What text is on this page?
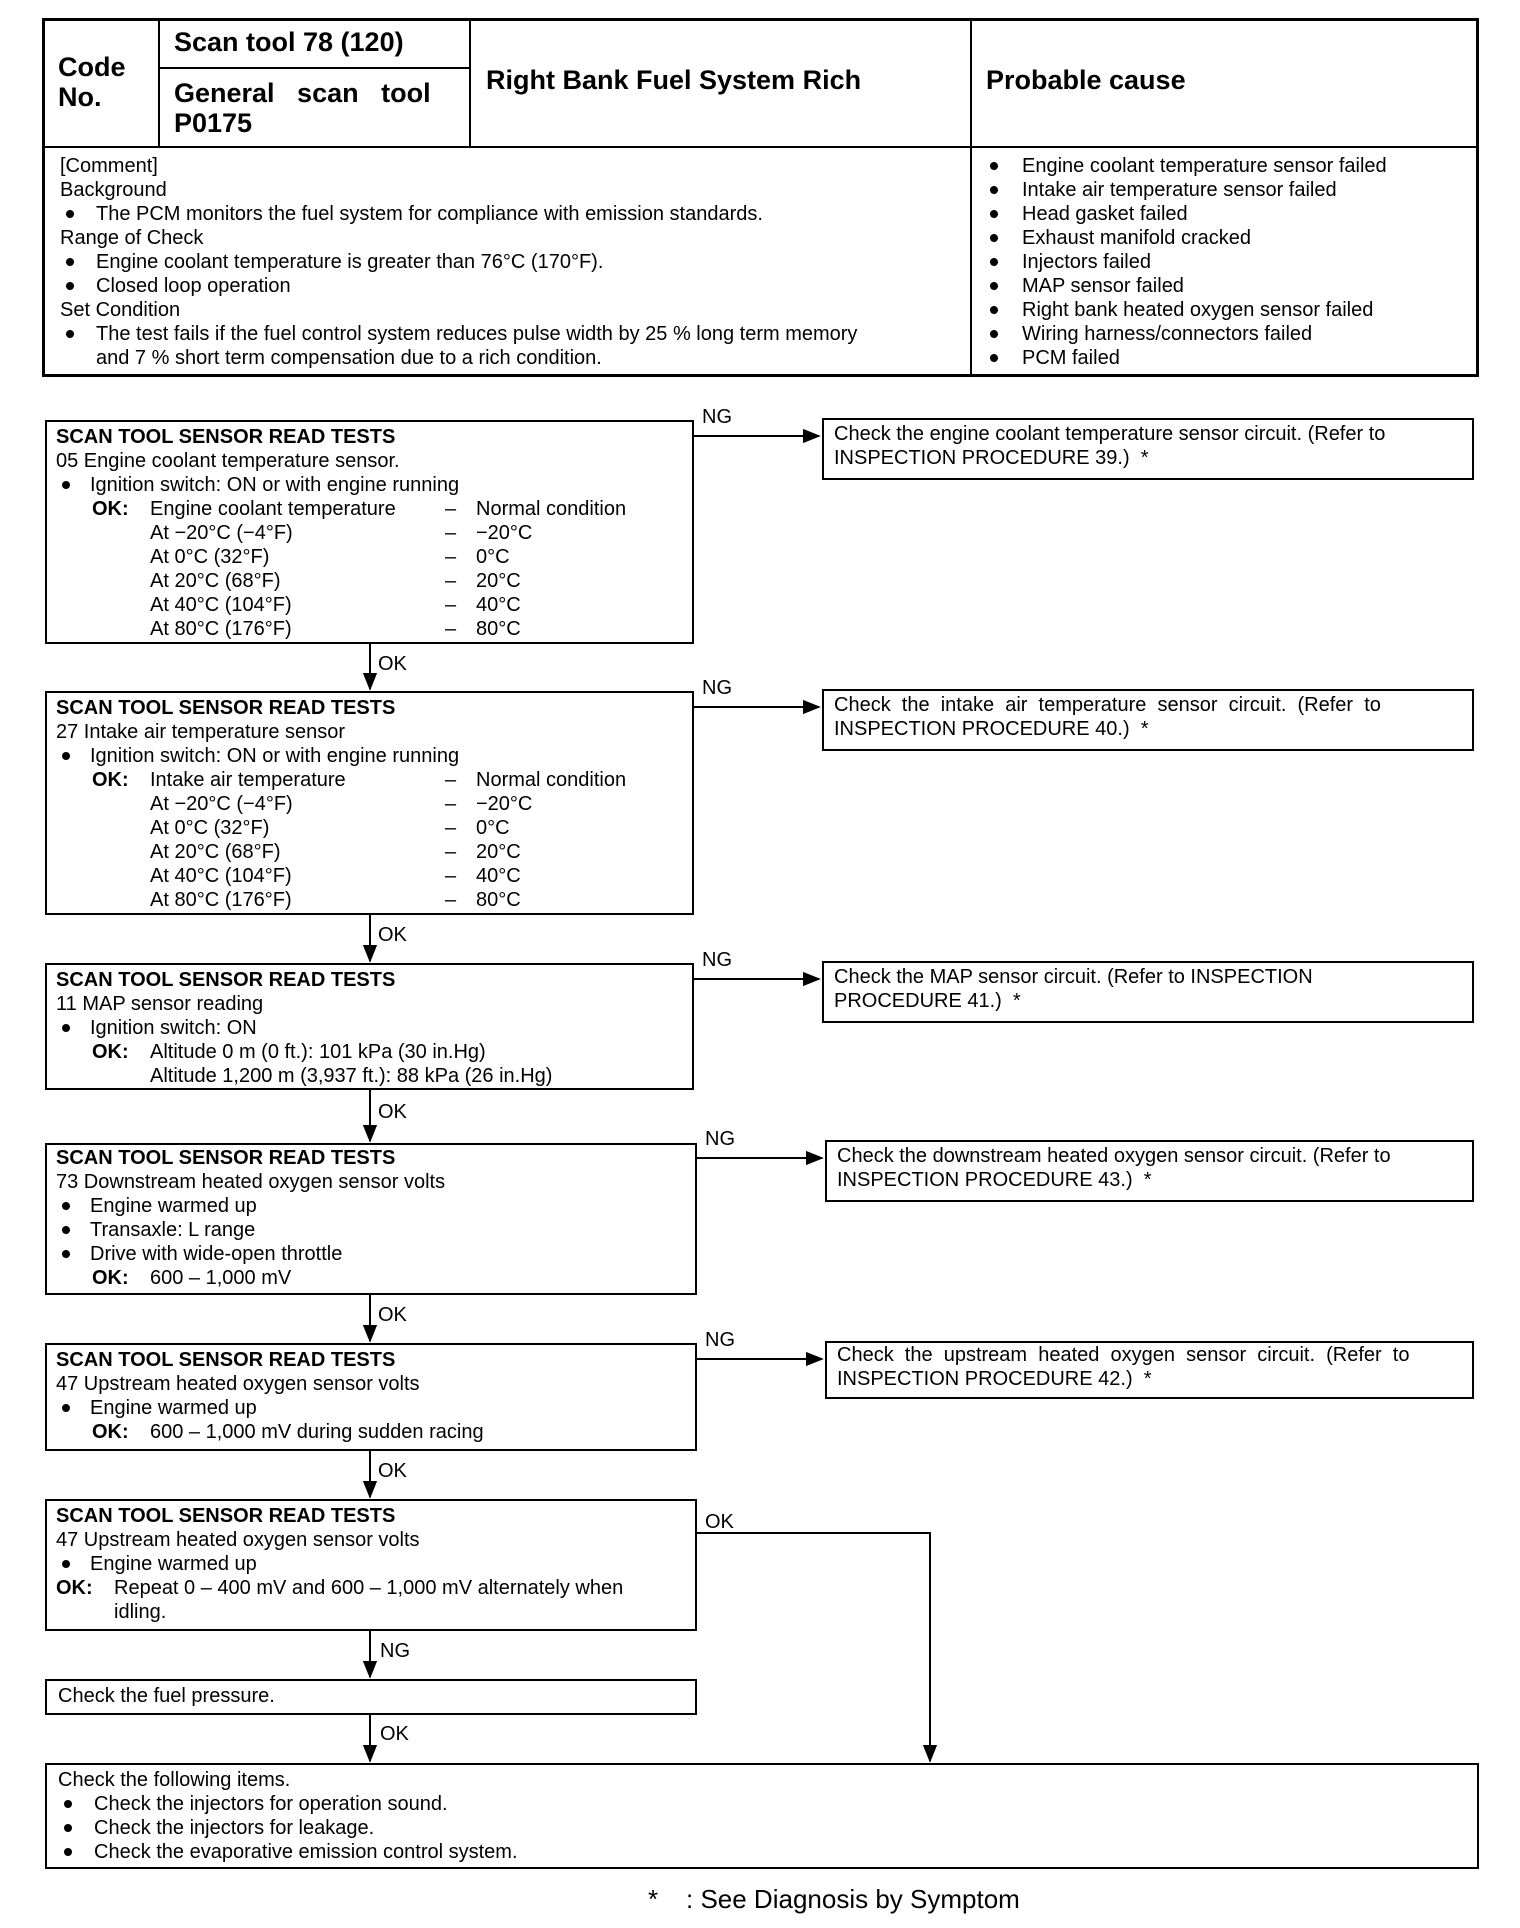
Code
No.
Scan tool 78 (120)
General   scan   tool
P0175
Right Bank Fuel System Rich	Probable cause
[Comment]
Background
The PCM monitors the fuel system for compliance with emission standards.
Range of Check
Engine coolant temperature is greater than 76°C (170°F).
Closed loop operation
Set Condition
The test fails if the fuel control system reduces pulse width by 25 % long term memory
and 7 % short term compensation due to a rich condition.
Engine coolant temperature sensor failed
Intake air temperature sensor failed
Head gasket failed
Exhaust manifold cracked
Injectors failed
MAP sensor failed
Right bank heated oxygen sensor failed
Wiring harness/connectors failed
PCM failed
SCAN TOOL SENSOR READ TESTS
05 Engine coolant temperature sensor.
Ignition switch: ON or with engine running
OK: Engine coolant temperature – Normal condition
At −20°C (−4°F)	– −20°C
At 0°C (32°F)	– 0°C
At 20°C (68°F)	– 20°C
At 40°C (104°F)	– 40°C
At 80°C (176°F)	– 80°C
NG
Check the engine coolant temperature sensor circuit. (Refer to
INSPECTION PROCEDURE 39.)  *
OK
SCAN TOOL SENSOR READ TESTS
27 Intake air temperature sensor
Ignition switch: ON or with engine running
OK: Intake air temperature	– Normal condition
At −20°C (−4°F)	– −20°C
At 0°C (32°F)	– 0°C
At 20°C (68°F)	– 20°C
At 40°C (104°F)	– 40°C
At 80°C (176°F)	– 80°C
NG
Check  the  intake  air  temperature  sensor  circuit.  (Refer  to
INSPECTION PROCEDURE 40.)  *
OK
SCAN TOOL SENSOR READ TESTS
11 MAP sensor reading
Ignition switch: ON
OK: Altitude 0 m (0 ft.): 101 kPa (30 in.Hg)
Altitude 1,200 m (3,937 ft.): 88 kPa (26 in.Hg)
NG
Check the MAP sensor circuit. (Refer to INSPECTION
PROCEDURE 41.)  *
OK
SCAN TOOL SENSOR READ TESTS
73 Downstream heated oxygen sensor volts
Engine warmed up
Transaxle: L range
Drive with wide-open throttle
OK: 600 – 1,000 mV
NG
Check the downstream heated oxygen sensor circuit. (Refer to
INSPECTION PROCEDURE 43.)  *
OK
SCAN TOOL SENSOR READ TESTS
47 Upstream heated oxygen sensor volts
Engine warmed up
OK: 600 – 1,000 mV during sudden racing
NG
Check  the  upstream  heated  oxygen  sensor  circuit.  (Refer  to
INSPECTION PROCEDURE 42.)  *
OK
SCAN TOOL SENSOR READ TESTS
47 Upstream heated oxygen sensor volts
Engine warmed up
OK: Repeat 0 – 400 mV and 600 – 1,000 mV alternately when
idling.
OK
NG
Check the fuel pressure.
OK
Check the following items.
Check the injectors for operation sound.
Check the injectors for leakage.
Check the evaporative emission control system.
* : See Diagnosis by Symptom
